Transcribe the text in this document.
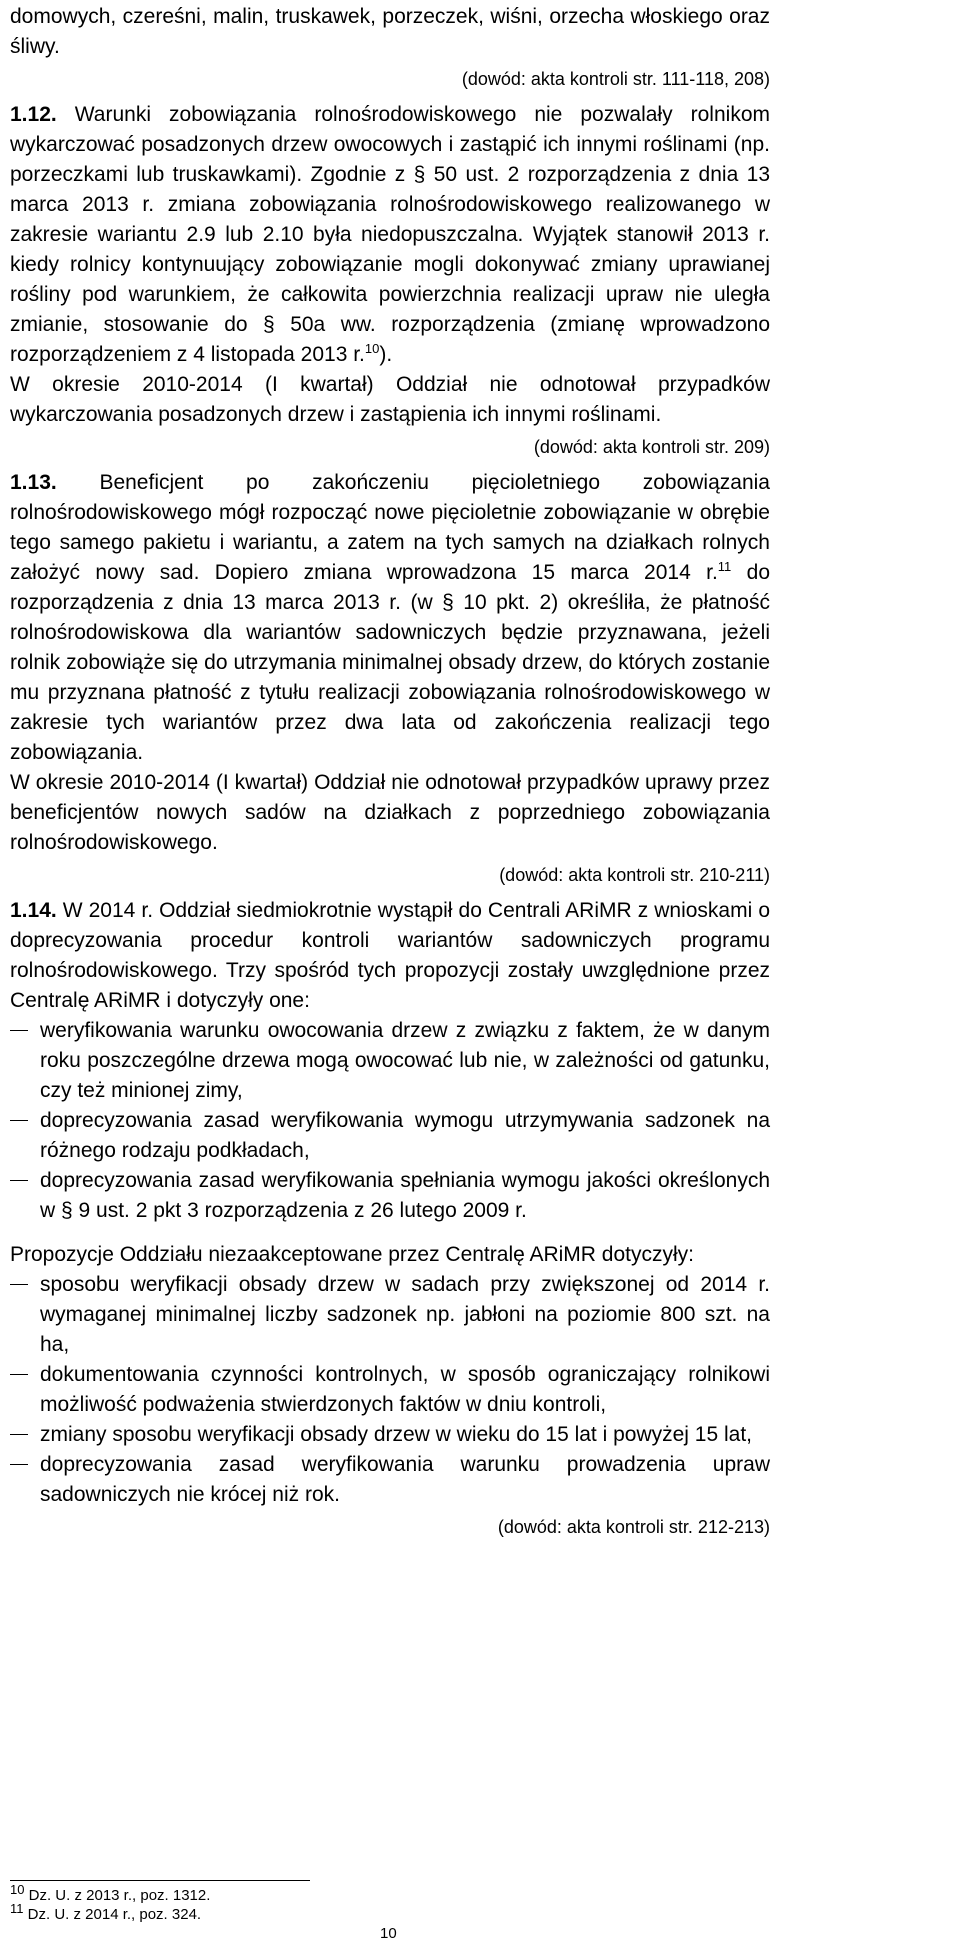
domowych, czereśni, malin, truskawek, porzeczek, wiśni, orzecha włoskiego oraz śliwy.

(dowód: akta kontroli str. 111-118, 208)

1.12. Warunki zobowiązania rolnośrodowiskowego nie pozwalały rolnikom wykarczować posadzonych drzew owocowych i zastąpić ich innymi roślinami (np. porzeczkami lub truskawkami). Zgodnie z § 50 ust. 2 rozporządzenia z dnia 13 marca 2013 r. zmiana zobowiązania rolnośrodowiskowego realizowanego w zakresie wariantu 2.9 lub 2.10 była niedopuszczalna. Wyjątek stanowił 2013 r. kiedy rolnicy kontynuujący zobowiązanie mogli dokonywać zmiany uprawianej rośliny pod warunkiem, że całkowita powierzchnia realizacji upraw nie uległa zmianie, stosowanie do § 50a ww. rozporządzenia (zmianę wprowadzono rozporządzeniem z 4 listopada 2013 r.$^{10}$).

W okresie 2010-2014 (I kwartał) Oddział nie odnotował przypadków wykarczowania posadzonych drzew i zastąpienia ich innymi roślinami.

(dowód: akta kontroli str. 209)

1.13. Beneficjent po zakończeniu pięcioletniego zobowiązania rolnośrodowiskowego mógł rozpocząć nowe pięcioletnie zobowiązanie w obrębie tego samego pakietu i wariantu, a zatem na tych samych na działkach rolnych założyć nowy sad. Dopiero zmiana wprowadzona 15 marca 2014 r.$^{11}$ do rozporządzenia z dnia 13 marca 2013 r. (w § 10 pkt. 2) określiła, że płatność rolnośrodowiskowa dla wariantów sadowniczych będzie przyznawana, jeżeli rolnik zobowiąże się do utrzymania minimalnej obsady drzew, do których zostanie mu przyznana płatność z tytułu realizacji zobowiązania rolnośrodowiskowego w zakresie tych wariantów przez dwa lata od zakończenia realizacji tego zobowiązania.

W okresie 2010-2014 (I kwartał) Oddział nie odnotował przypadków uprawy przez beneficjentów nowych sadów na działkach z poprzedniego zobowiązania rolnośrodowiskowego.

(dowód: akta kontroli str. 210-211)

1.14. W 2014 r. Oddział siedmiokrotnie wystąpił do Centrali ARiMR z wnioskami o doprecyzowania procedur kontroli wariantów sadowniczych programu rolnośrodowiskowego. Trzy spośród tych propozycji zostały uwzględnione przez Centralę ARiMR i dotyczyły one:

weryfikowania warunku owocowania drzew z związku z faktem, że w danym roku poszczególne drzewa mogą owocować lub nie, w zależności od gatunku, czy też minionej zimy,
doprecyzowania zasad weryfikowania wymogu utrzymywania sadzonek na różnego rodzaju podkładach,
doprecyzowania zasad weryfikowania spełniania wymogu jakości określonych w § 9 ust. 2 pkt 3 rozporządzenia z 26 lutego 2009 r.

Propozycje Oddziału niezaakceptowane przez Centralę ARiMR dotyczyły:

sposobu weryfikacji obsady drzew w sadach przy zwiększonej od 2014 r. wymaganej minimalnej liczby sadzonek np. jabłoni na poziomie 800 szt. na ha,
dokumentowania czynności kontrolnych, w sposób ograniczający rolnikowi możliwość podważenia stwierdzonych faktów w dniu kontroli,
zmiany sposobu weryfikacji obsady drzew w wieku do 15 lat i powyżej 15 lat,
doprecyzowania zasad weryfikowania warunku prowadzenia upraw sadowniczych nie krócej niż rok.
(dowód: akta kontroli str. 212-213)
$^{10}$ Dz. U. z 2013 r., poz. 1312.
$^{11}$ Dz. U. z 2014 r., poz. 324.
10
